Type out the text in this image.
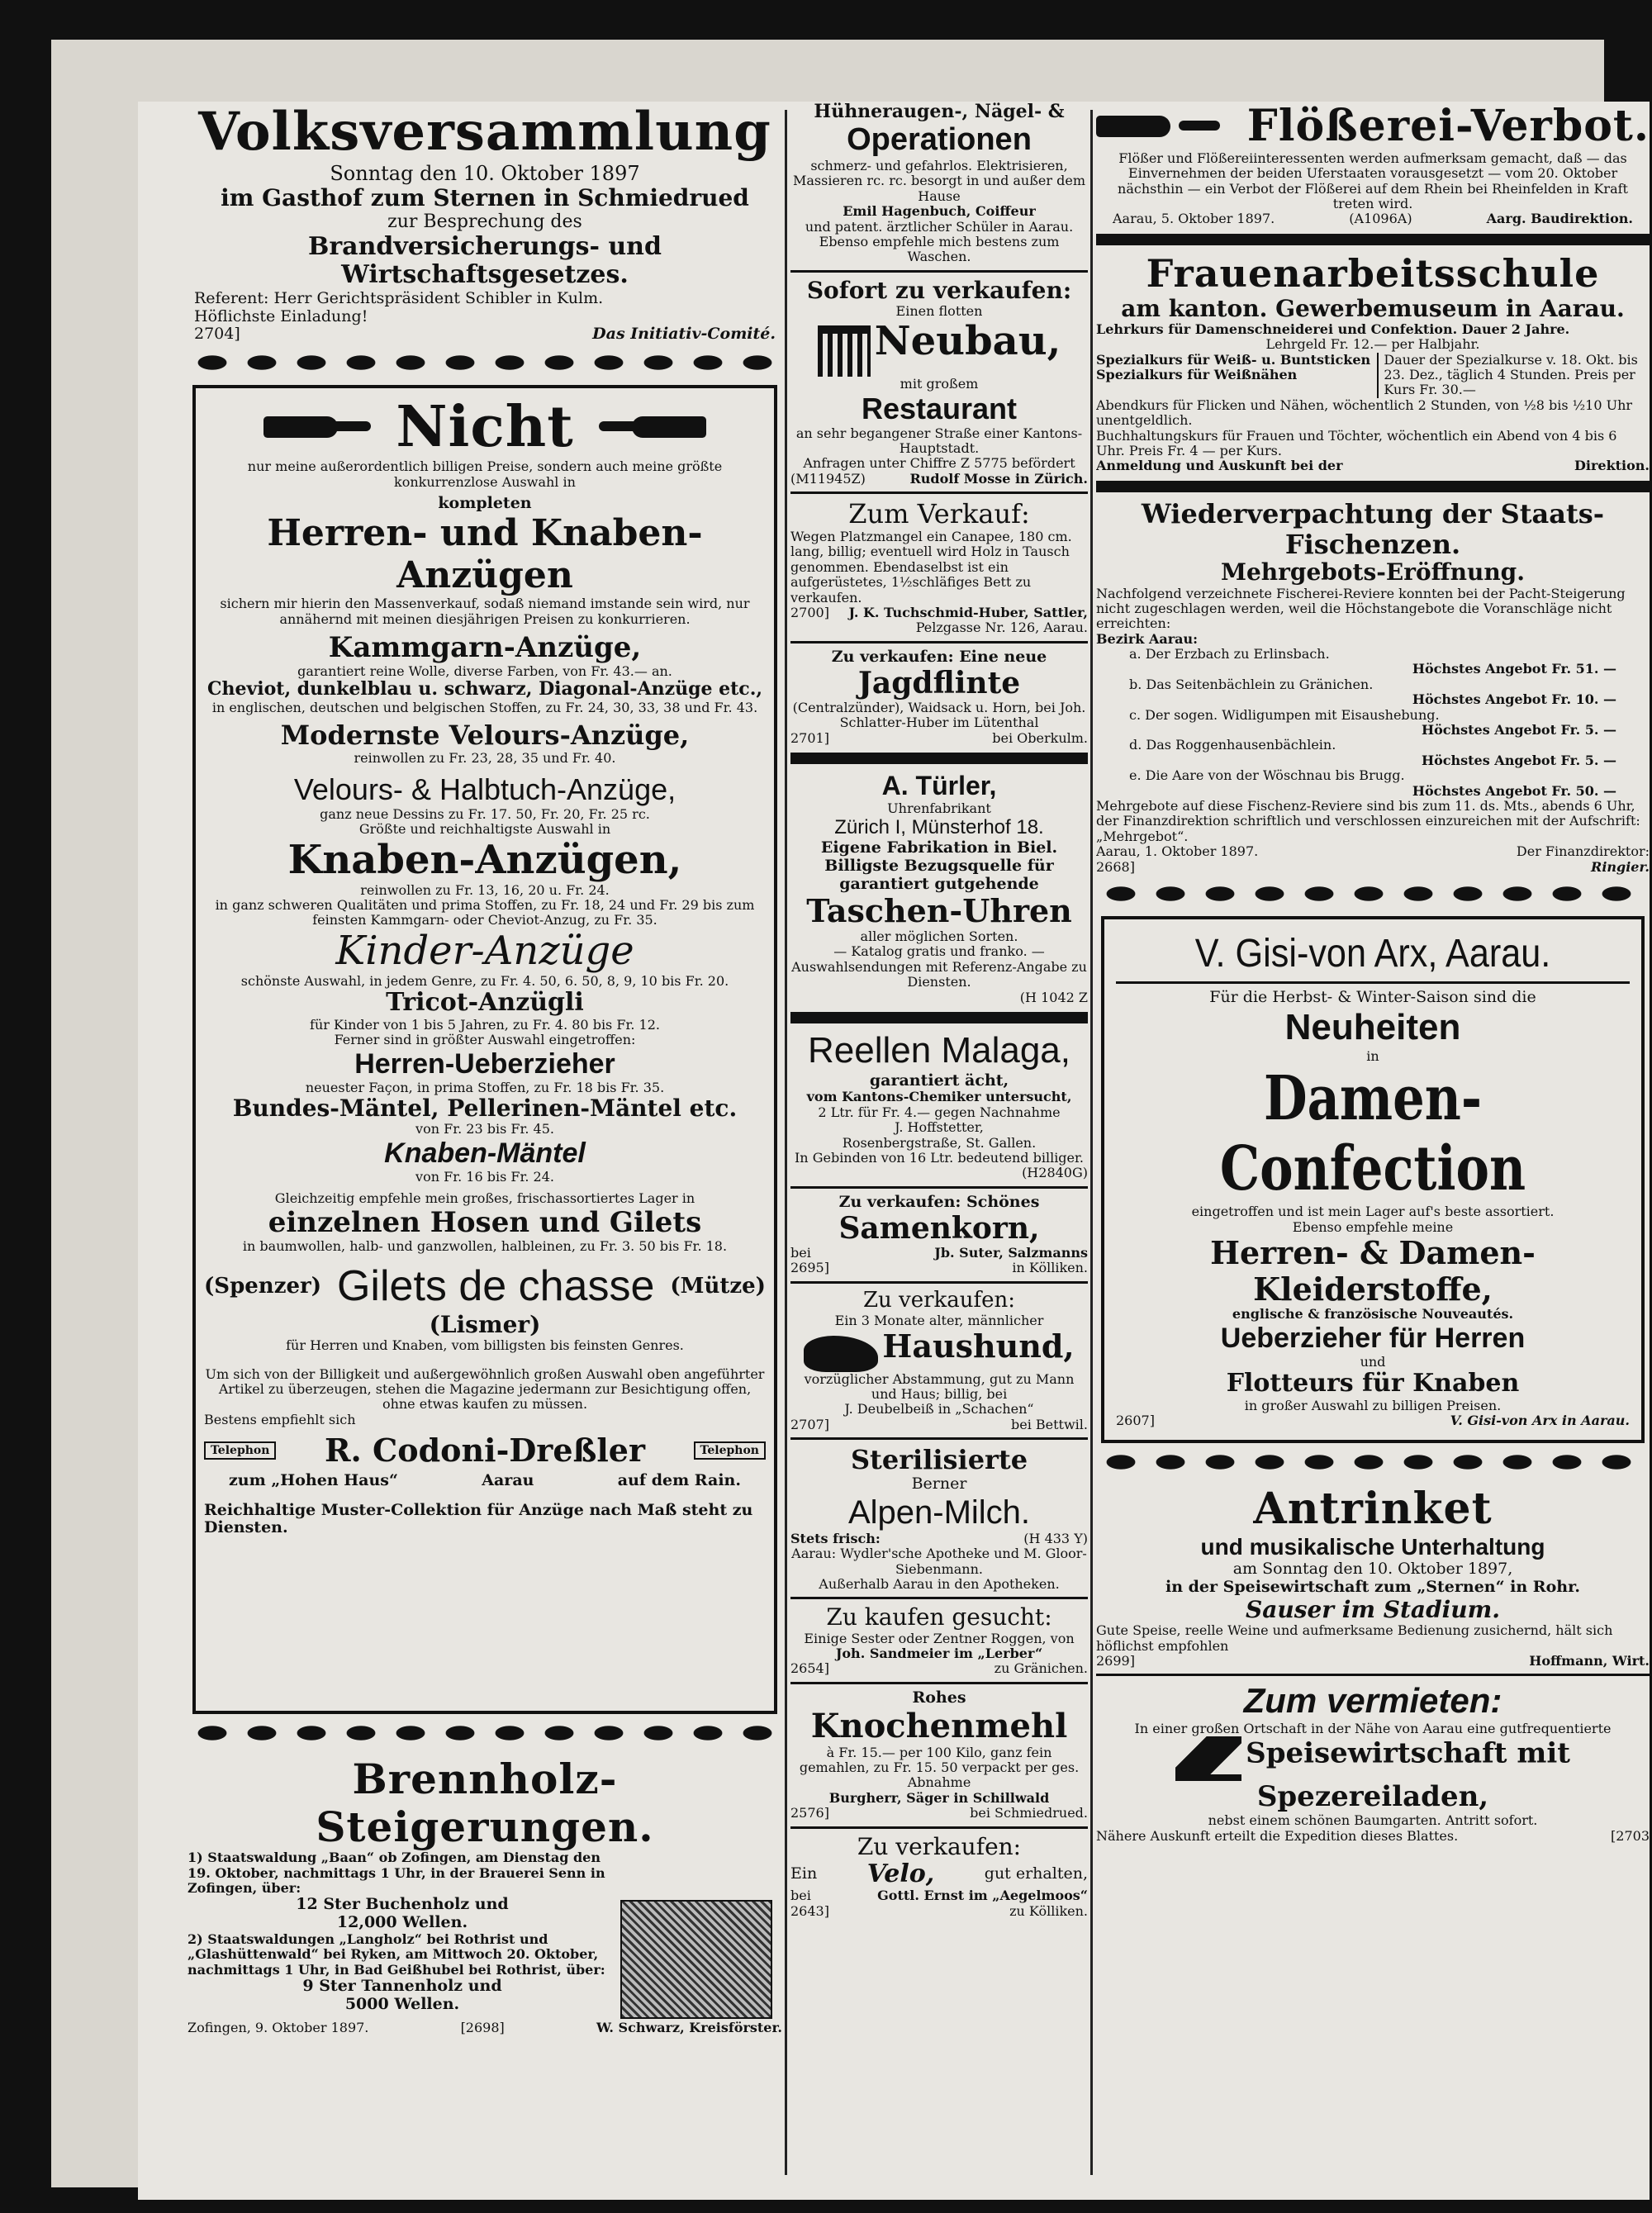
Volksversammlung
Sonntag den 10. Oktober 1897
im Gasthof zum Sternen in Schmiedrued
zur Besprechung des
Brandversicherungs- und Wirtschaftsgesetzes.
Referent: Herr Gerichtspräsident Schibler in Kulm.
Höflichste Einladung!
2704]	Das Initiativ-Comité.
Nicht
nur meine außerordentlich billigen Preise, sondern auch meine größte konkurrenzlose Auswahl in
kompleten
Herren- und Knaben-Anzügen
sichern mir hierin den Massenverkauf, sodaß niemand imstande sein wird, nur annähernd mit meinen diesjährigen Preisen zu konkurrieren.
Kammgarn-Anzüge,
garantiert reine Wolle, diverse Farben, von Fr. 43.— an.
Cheviot, dunkelblau u. schwarz, Diagonal-Anzüge etc.,
in englischen, deutschen und belgischen Stoffen, zu Fr. 24, 30, 33, 38 und Fr. 43.
Modernste Velours-Anzüge,
reinwollen zu Fr. 23, 28, 35 und Fr. 40.
Velours- & Halbtuch-Anzüge,
ganz neue Dessins zu Fr. 17. 50, Fr. 20, Fr. 25 rc.
Größte und reichhaltigste Auswahl in
Knaben-Anzügen,
reinwollen zu Fr. 13, 16, 20 u. Fr. 24.
in ganz schweren Qualitäten und prima Stoffen, zu Fr. 18, 24 und Fr. 29 bis zum feinsten Kammgarn- oder Cheviot-Anzug, zu Fr. 35.
Kinder-Anzüge
schönste Auswahl, in jedem Genre, zu Fr. 4. 50, 6. 50, 8, 9, 10 bis Fr. 20.
Tricot-Anzügli
für Kinder von 1 bis 5 Jahren, zu Fr. 4. 80 bis Fr. 12.
Ferner sind in größter Auswahl eingetroffen:
Herren-Ueberzieher
neuester Façon, in prima Stoffen, zu Fr. 18 bis Fr. 35.
Bundes-Mäntel, Pellerinen-Mäntel etc.
von Fr. 23 bis Fr. 45.
Knaben-Mäntel
von Fr. 16 bis Fr. 24.
Gleichzeitig empfehle mein großes, frischassortiertes Lager in
einzelnen Hosen und Gilets
in baumwollen, halb- und ganzwollen, halbleinen, zu Fr. 3. 50 bis Fr. 18.
(Spenzer) Gilets de chasse (Mütze)
(Lismer)
für Herren und Knaben, vom billigsten bis feinsten Genres.
Um sich von der Billigkeit und außergewöhnlich großen Auswahl oben angeführter Artikel zu überzeugen, stehen die Magazine jedermann zur Besichtigung offen, ohne etwas kaufen zu müssen.
Bestens empfiehlt sich
Telephon R. Codoni-Dreßler	Telephon
zum „Hohen Haus“	Aarau	auf dem Rain.
Reichhaltige Muster-Collektion für Anzüge nach Maß steht zu Diensten.
Brennholz-Steigerungen.
1) Staatswaldung „Baan“ ob Zofingen, am Dienstag den 19. Oktober, nachmittags 1 Uhr, in der Brauerei Senn in Zofingen, über:
12 Ster Buchenholz und
12,000 Wellen.
2) Staatswaldungen „Langholz“ bei Rothrist und „Glashüttenwald“ bei Ryken, am Mittwoch 20. Oktober, nachmittags 1 Uhr, in Bad Geißhubel bei Rothrist, über:
9 Ster Tannenholz und
5000 Wellen.
Zofingen, 9. Oktober 1897.	[2698]	W. Schwarz, Kreisförster.
Hühneraugen-, Nägel- &
Operationen
schmerz- und gefahrlos. Elektrisieren, Massieren rc. rc. besorgt in und außer dem Hause
Emil Hagenbuch, Coiffeur
und patent. ärztlicher Schüler in Aarau.
Ebenso empfehle mich bestens zum Waschen.
Sofort zu verkaufen:
Einen flotten
Neubau,
mit großem
Restaurant
an sehr begangener Straße einer Kantons-Hauptstadt.
Anfragen unter Chiffre Z 5775 befördert
(M11945Z)	Rudolf Mosse in Zürich.
Zum Verkauf:
Wegen Platzmangel ein Canapee, 180 cm. lang, billig; eventuell wird Holz in Tausch genommen. Ebendaselbst ist ein aufgerüstetes, 1½schläfiges Bett zu verkaufen.
2700] J. K. Tuchschmid-Huber, Sattler,
Pelzgasse Nr. 126, Aarau.
Zu verkaufen: Eine neue
Jagdflinte
(Centralzünder), Waidsack u. Horn, bei Joh. Schlatter-Huber im Lütenthal
2701]	bei Oberkulm.
A. Türler,
Uhrenfabrikant
Zürich I, Münsterhof 18.
Eigene Fabrikation in Biel.
Billigste Bezugsquelle für garantiert gutgehende
Taschen-Uhren
aller möglichen Sorten.
— Katalog gratis und franko. —
Auswahlsendungen mit Referenz-Angabe zu Diensten.
(H 1042 Z
Reellen Malaga,
garantiert ächt,
vom Kantons-Chemiker untersucht,
2 Ltr. für Fr. 4.— gegen Nachnahme
J. Hoffstetter,
Rosenbergstraße, St. Gallen.
In Gebinden von 16 Ltr. bedeutend billiger.
(H2840G)
Zu verkaufen: Schönes
Samenkorn,
bei	Jb. Suter, Salzmanns
2695]	in Kölliken.
Zu verkaufen:
Ein 3 Monate alter, männlicher
Haushund,
vorzüglicher Abstammung, gut zu Mann und Haus; billig, bei
J. Deubelbeiß in „Schachen“
2707]	bei Bettwil.
Sterilisierte
Berner
Alpen-Milch.
Stets frisch:	(H 433 Y)
Aarau: Wydler'sche Apotheke und M. Gloor-Siebenmann.
Außerhalb Aarau in den Apotheken.
Zu kaufen gesucht:
Einige Sester oder Zentner Roggen, von
Joh. Sandmeier im „Lerber“
2654]	zu Gränichen.
Rohes
Knochenmehl
à Fr. 15.— per 100 Kilo, ganz fein gemahlen, zu Fr. 15. 50 verpackt per ges. Abnahme
Burgherr, Säger in Schillwald
2576]	bei Schmiedrued.
Zu verkaufen:
Ein Velo,	gut erhalten,
bei	Gottl. Ernst im „Aegelmoos“
2643]	zu Kölliken.
Flößerei-Verbot.
Flößer und Flößereiinteressenten werden aufmerksam gemacht, daß — das Einvernehmen der beiden Uferstaaten vorausgesetzt — vom 20. Oktober nächsthin — ein Verbot der Flößerei auf dem Rhein bei Rheinfelden in Kraft treten wird.
Aarau, 5. Oktober 1897.	(A1096A)	Aarg. Baudirektion.
Frauenarbeitsschule
am kanton. Gewerbemuseum in Aarau.
Lehrkurs für Damenschneiderei und Confektion. Dauer 2 Jahre.
Lehrgeld Fr. 12.— per Halbjahr.
Spezialkurs für Weiß- u. Buntsticken
Spezialkurs für Weißnähen
Dauer der Spezialkurse v. 18. Okt. bis 23. Dez., täglich 4 Stunden. Preis per Kurs Fr. 30.—
Abendkurs für Flicken und Nähen, wöchentlich 2 Stunden, von ½8 bis ½10 Uhr unentgeldlich.
Buchhaltungskurs für Frauen und Töchter, wöchentlich ein Abend von 4 bis 6 Uhr. Preis Fr. 4 — per Kurs.
Anmeldung und Auskunft bei der	Direktion.
Wiederverpachtung der Staats-Fischenzen.
Mehrgebots-Eröffnung.
Nachfolgend verzeichnete Fischerei-Reviere konnten bei der Pacht-Steigerung nicht zugeschlagen werden, weil die Höchstangebote die Voranschläge nicht erreichten:
Bezirk Aarau:
a. Der Erzbach zu Erlinsbach.
Höchstes Angebot Fr. 51. —
b. Das Seitenbächlein zu Gränichen.
Höchstes Angebot Fr. 10. —
c. Der sogen. Widligumpen mit Eisaushebung.
Höchstes Angebot Fr. 5. —
d. Das Roggenhausenbächlein.
Höchstes Angebot Fr. 5. —
e. Die Aare von der Wöschnau bis Brugg.
Höchstes Angebot Fr. 50. —
Mehrgebote auf diese Fischenz-Reviere sind bis zum 11. ds. Mts., abends 6 Uhr, der Finanzdirektion schriftlich und verschlossen einzureichen mit der Aufschrift: „Mehrgebot“.
Aarau, 1. Oktober 1897.	Der Finanzdirektor:
2668]	Ringier.
V. Gisi-von Arx, Aarau.
Für die Herbst- & Winter-Saison sind die
Neuheiten
in
Damen-Confection
eingetroffen und ist mein Lager auf's beste assortiert.
Ebenso empfehle meine
Herren- & Damen-Kleiderstoffe,
englische & französische Nouveautés.
Ueberzieher für Herren
und
Flotteurs für Knaben
in großer Auswahl zu billigen Preisen.
2607]	V. Gisi-von Arx in Aarau.
Antrinket
und musikalische Unterhaltung
am Sonntag den 10. Oktober 1897,
in der Speisewirtschaft zum „Sternen“ in Rohr.
Sauser im Stadium.
Gute Speise, reelle Weine und aufmerksame Bedienung zusichernd, hält sich höflichst empfohlen
2699]	Hoffmann, Wirt.
Zum vermieten:
In einer großen Ortschaft in der Nähe von Aarau eine gutfrequentierte
Speisewirtschaft mit Spezereiladen,
nebst einem schönen Baumgarten. Antritt sofort.
Nähere Auskunft erteilt die Expedition dieses Blattes.	[2703
